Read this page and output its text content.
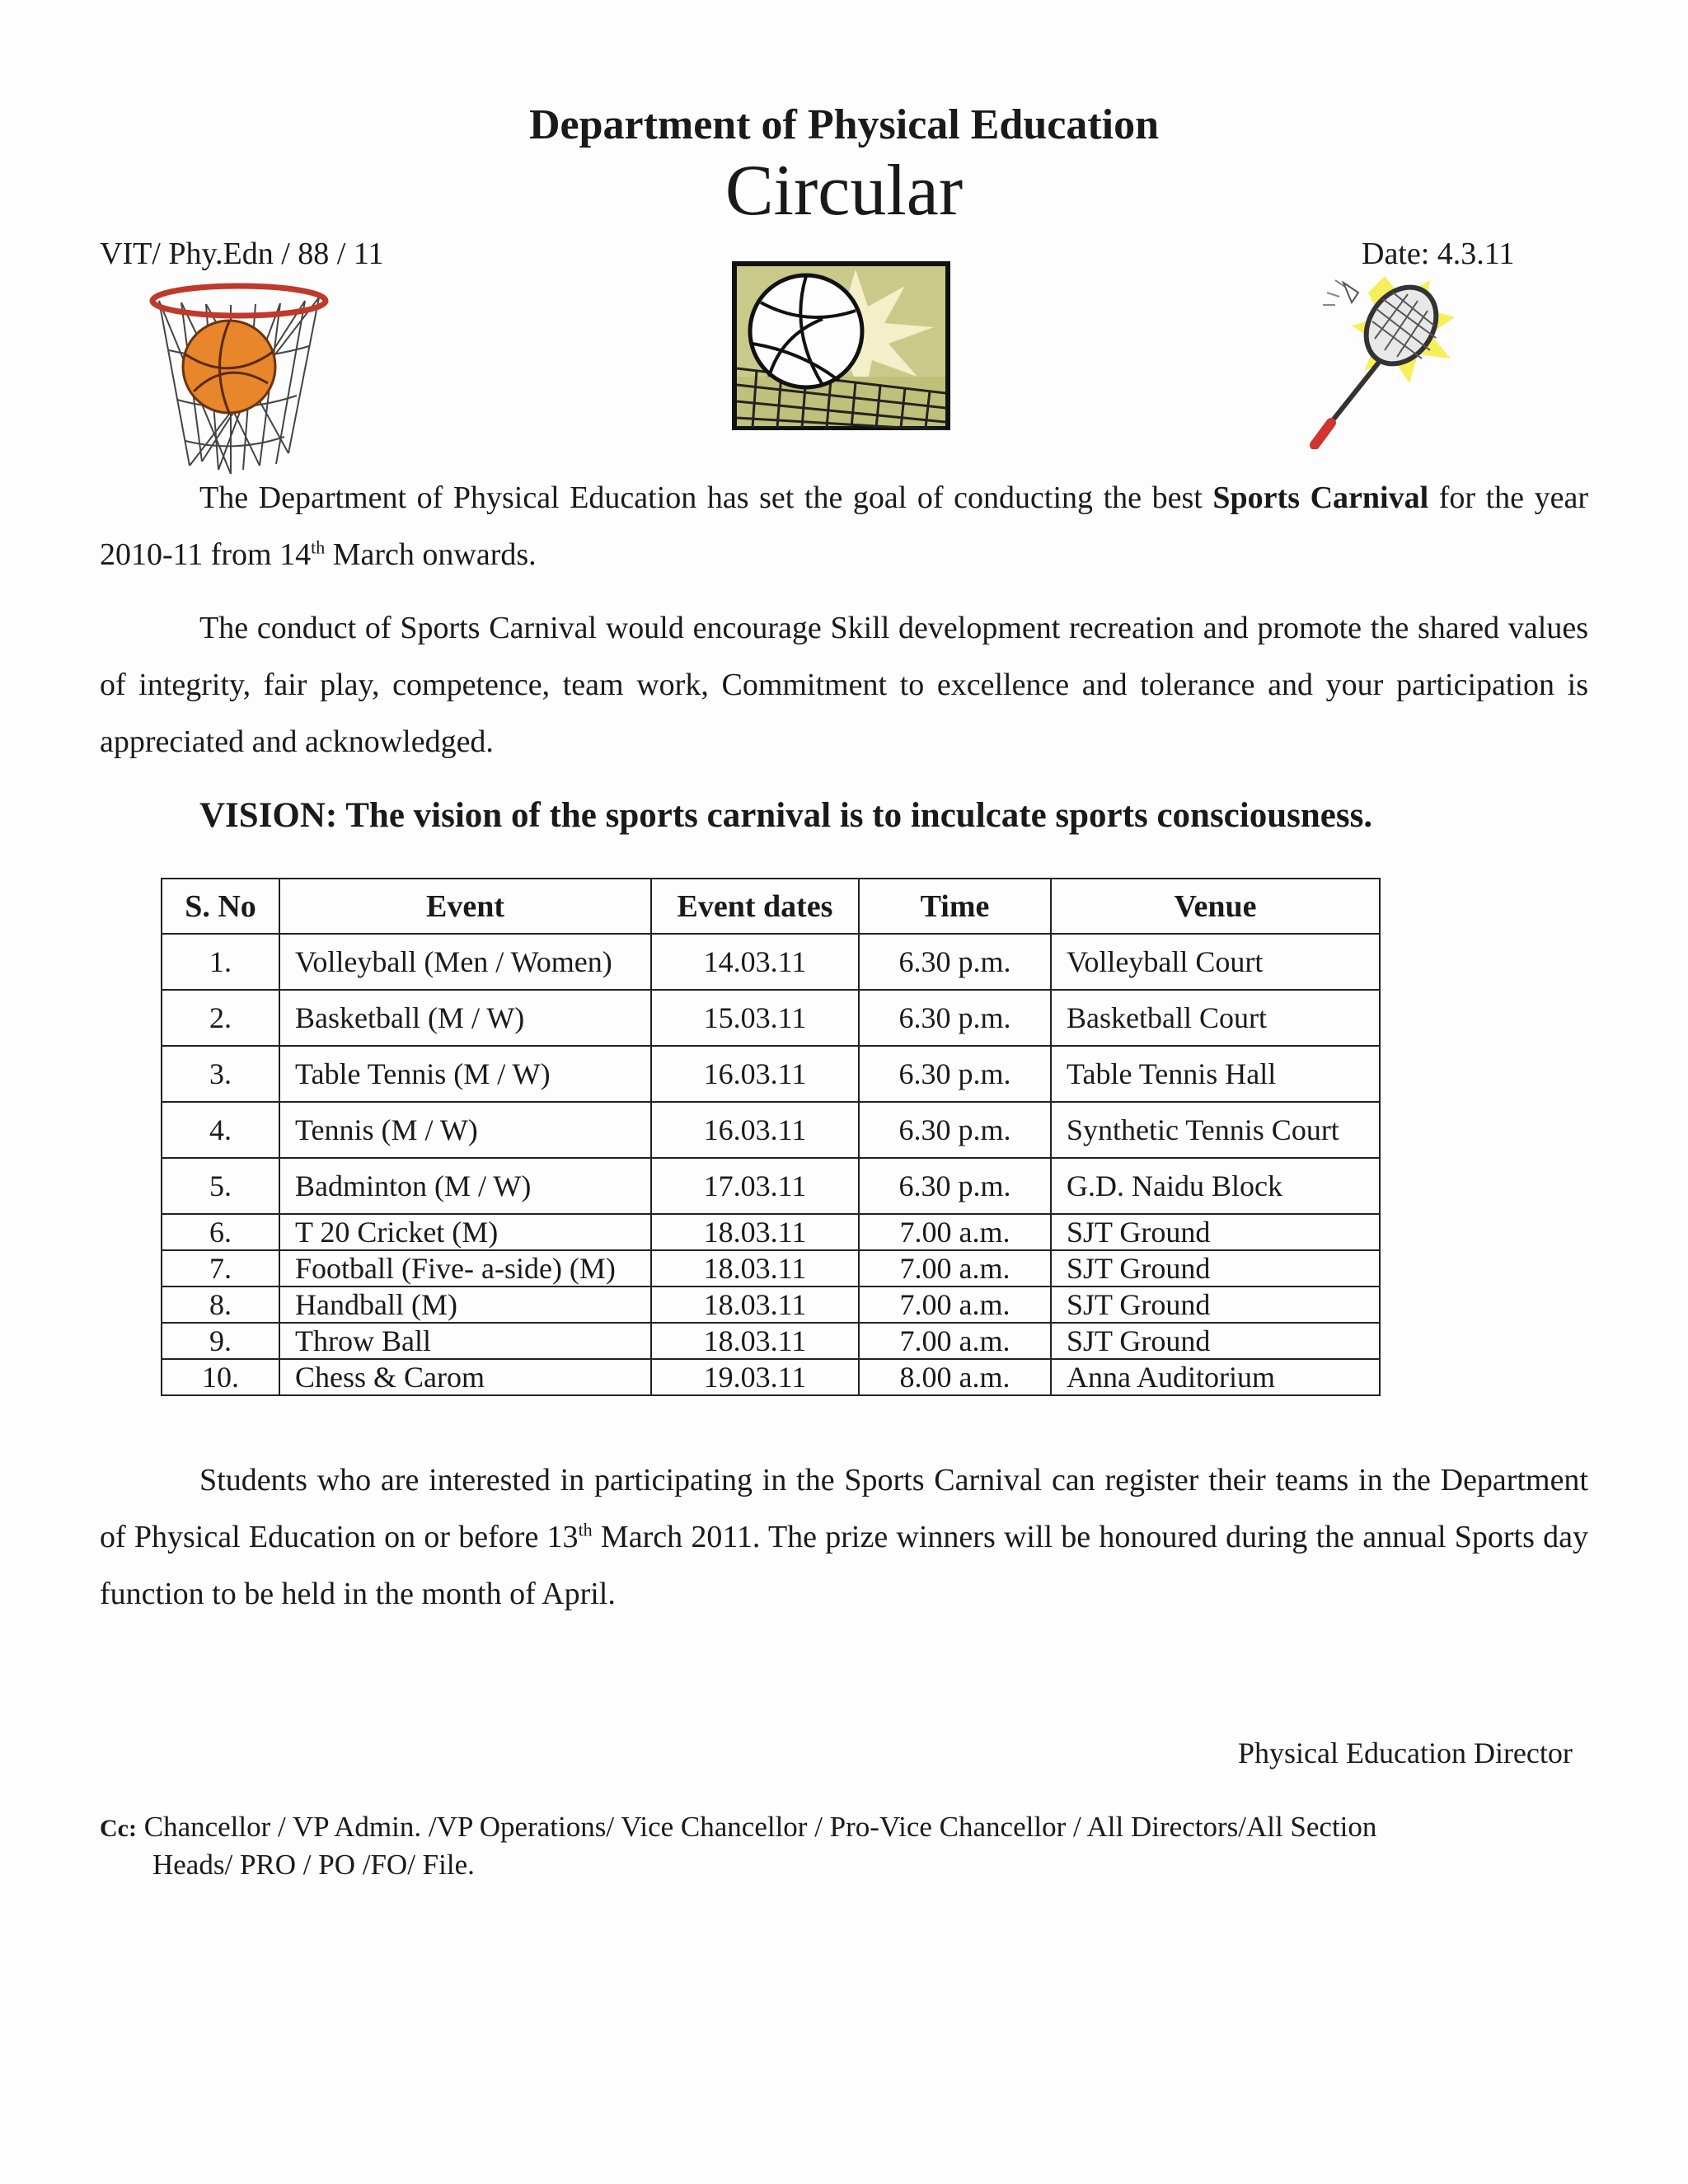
Department of Physical Education
Circular
VIT/ Phy.Edn / 88 / 11	Date: 4.3.11
The Department of Physical Education has set the goal of conducting the best Sports Carnival for the year 2010-11 from 14th March onwards.
The conduct of Sports Carnival would encourage Skill development recreation and promote the shared values of integrity, fair play, competence, team work, Commitment to excellence and tolerance and your participation is appreciated and acknowledged.
VISION: The vision of the sports carnival is to inculcate sports consciousness.
S. No	Event	Event dates	Time	Venue
1.	Volleyball (Men / Women)	14.03.11	6.30 p.m.	Volleyball Court
2.	Basketball (M / W)	15.03.11	6.30 p.m.	Basketball Court
3.	Table Tennis (M / W)	16.03.11	6.30 p.m.	Table Tennis Hall
4.	Tennis (M / W)	16.03.11	6.30 p.m.	Synthetic Tennis Court
5.	Badminton (M / W)	17.03.11	6.30 p.m.	G.D. Naidu Block
6.	T 20 Cricket (M)	18.03.11	7.00 a.m.	SJT Ground
7.	Football (Five- a-side) (M)	18.03.11	7.00 a.m.	SJT Ground
8.	Handball (M)	18.03.11	7.00 a.m.	SJT Ground
9.	Throw Ball	18.03.11	7.00 a.m.	SJT Ground
10.	Chess & Carom	19.03.11	8.00 a.m.	Anna Auditorium
Students who are interested in participating in the Sports Carnival can register their teams in the Department of Physical Education on or before 13th March 2011. The prize winners will be honoured during the annual Sports day function to be held in the month of April.
Physical Education Director
Cc: Chancellor / VP Admin. /VP Operations/ Vice Chancellor / Pro-Vice Chancellor / All Directors/All Section
Heads/ PRO / PO /FO/ File.
